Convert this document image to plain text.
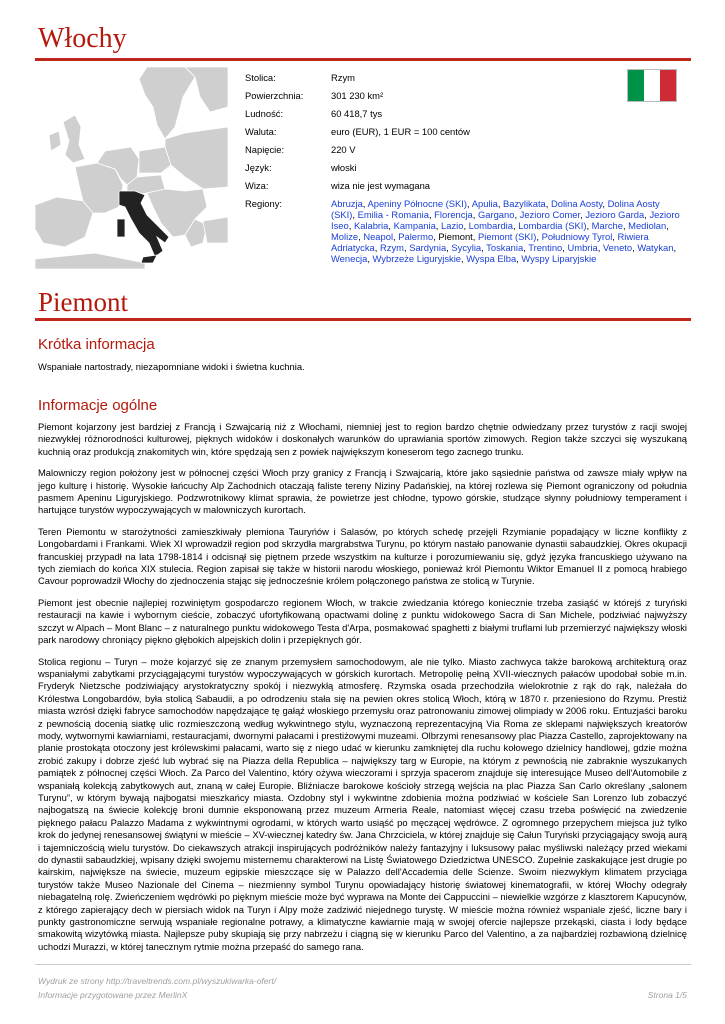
Włochy
Stolica:	Rzym
Powierzchnia:	301 230 km²
Ludność:	60 418,7 tys
Waluta:	euro (EUR), 1 EUR = 100 centów
Napięcie:	220 V
Język:	włoski
Wiza:	wiza nie jest wymagana
Regiony:	Abruzja, Apeniny Północne (SKI), Apulia, Bazylikata, Dolina Aosty, Dolina Aosty (SKI), Emilia - Romania, Florencja, Gargano, Jezioro Comer, Jezioro Garda, Jezioro Iseo, Kalabria, Kampania, Lazio, Lombardia, Lombardia (SKI), Marche, Mediolan, Molize, Neapol, Palermo, Piemont, Piemont (SKI), Południowy Tyrol, Riwiera Adriatycka, Rzym, Sardynia, Sycylia, Toskania, Trentino, Umbria, Veneto, Watykan, Wenecja, Wybrzeże Liguryjskie, Wyspa Elba, Wyspy Liparyjskie
Piemont
Krótka informacja

Wspaniałe nartostrady, niezapomniane widoki i świetna kuchnia.

Informacje ogólne

Piemont kojarzony jest bardziej z Francją i Szwajcarią niż z Włochami, niemniej jest to region bardzo chętnie odwiedzany przez turystów z racji swojej niezwykłej różnorodności kulturowej, pięknych widoków i doskonałych warunków do uprawiania sportów zimowych. Region także szczyci się wyszukaną kuchnią oraz produkcją znakomitych win, które spędzają sen z powiek największym koneserom tego zacnego trunku.

Malowniczy region położony jest w północnej części Włoch przy granicy z Francją i Szwajcarią, które jako sąsiednie państwa od zawsze miały wpływ na jego kulturę i historię. Wysokie łańcuchy Alp Zachodnich otaczają faliste tereny Niziny Padańskiej, na której rozlewa się Piemont ograniczony od południa pasmem Apeninu Liguryjskiego. Podzwrotnikowy klimat sprawia, że powietrze jest chłodne, typowo górskie, studzące słynny południowy temperament i hartujące turystów wypoczywających w malowniczych kurortach.

Teren Piemontu w starożytności zamieszkiwały plemiona Tauryńów i Salasów, po których schedę przejęli Rzymianie popadający w liczne konflikty z Longobardami i Frankami. Wiek XI wprowadził region pod skrzydła margrabstwa Turynu, po którym nastało panowanie dynastii sabaudzkiej. Okres okupacji francuskiej przypadł na lata 1798-1814 i odcisnął się piętnem przede wszystkim na kulturze i porozumiewaniu się, gdyż języka francuskiego używano na tych ziemiach do końca XIX stulecia. Region zapisał się także w historii narodu włoskiego, ponieważ król Piemontu Wiktor Emanuel II z pomocą hrabiego Cavour poprowadził Włochy do zjednoczenia stając się jednocześnie królem połączonego państwa ze stolicą w Turynie.

Piemont jest obecnie najlepiej rozwiniętym gospodarczo regionem Włoch, w trakcie zwiedzania którego koniecznie trzeba zasiąść w którejś z turyński restauracji na kawie i wybornym cieście, zobaczyć ufortyfikowaną opactwami dolinę z punktu widokowego Sacra di San Michele, podziwiać najwyższy szczyt w Alpach – Mont Blanc – z naturalnego punktu widokowego Testa d'Arpa, posmakować spaghetti z białymi truflami lub przemierzyć największy włoski park narodowy chroniący piękno głębokich alpejskich dolin i przepięknych gór.

Stolica regionu – Turyn – może kojarzyć się ze znanym przemysłem samochodowym, ale nie tylko. Miasto zachwyca także barokową architekturą oraz wspaniałymi zabytkami przyciągającymi turystów wypoczywających w górskich kurortach. Metropolię pełną XVII-wiecznych pałaców upodobał sobie m.in. Fryderyk Nietzsche podziwiający arystokratyczny spokój i niezwykłą atmosferę. Rzymska osada przechodziła wielokrotnie z rąk do rąk, należała do Królestwa Longobardów, była stolicą Sabaudii, a po odrodzeniu stała się na pewien okres stolicą Włoch, którą w 1870 r. przeniesiono do Rzymu. Prestiż miasta wzrósł dzięki fabryce samochodów napędzające tę gałąź włoskiego przemysłu oraz patronowaniu zimowej olimpiady w 2006 roku. Entuzjaści baroku z pewnością docenią siatkę ulic rozmieszczoną według wykwintnego stylu, wyznaczoną reprezentacyjną Via Roma ze sklepami największych kreatorów mody, wytwornymi kawiarniami, restauracjami, dwornymi pałacami i prestiżowymi muzeami. Olbrzymi renesansowy plac Piazza Castello, zaprojektowany na planie prostokąta otoczony jest królewskimi pałacami, warto się z niego udać w kierunku zamkniętej dla ruchu kołowego dzielnicy handlowej, gdzie można zrobić zakupy i dobrze zjeść lub wybrać się na Piazza della Republica – największy targ w Europie, na którym z pewnością nie zabraknie wyszukanych pamiątek z północnej części Włoch. Za Parco del Valentino, który ożywa wieczorami i sprzyja spacerom znajduje się interesujące Museo dell'Automobile z wspaniałą kolekcją zabytkowych aut, znaną w całej Europie. Bliźniacze barokowe kościoły strzegą wejścia na plac Piazza San Carlo określany „salonem Turynu”, w którym bywają najbogatsi mieszkańcy miasta. Ozdobny styl i wykwintne zdobienia można podziwiać w kościele San Lorenzo lub zobaczyć najbogatszą na świecie kolekcję broni dumnie eksponowaną przez muzeum Armeria Reale, natomiast więcej czasu trzeba poświęcić na zwiedzenie pięknego pałacu Palazzo Madama z wykwintnymi ogrodami, w których warto usiąść po męczącej wędrówce. Z ogromnego przepychem miejsca już tylko krok do jedynej renesansowej świątyni w mieście – XV-wiecznej katedry św. Jana Chrzciciela, w której znajduje się Całun Turyński przyciągający swoją aurą i tajemniczością wielu turystów. Do ciekawszych atrakcji inspirujących podróżników należy fantazyjny i luksusowy pałac myśliwski należący przed wiekami do dynastii sabaudzkiej, wpisany dzięki swojemu misternemu charakterowi na Listę Światowego Dziedzictwa UNESCO. Zupełnie zaskakujące jest drugie po kairskim, największe na świecie, muzeum egipskie mieszczące się w Palazzo dell'Accademia delle Scienze. Swoim niezwykłym klimatem przyciąga turystów także Museo Nazionale del Cinema – niezmienny symbol Turynu opowiadający historię światowej kinematografii, w której Włochy odegrały niebagatelną rolę. Zwieńczeniem wędrówki po pięknym mieście może być wyprawa na Monte dei Cappuccini – niewielkie wzgórze z klasztorem Kapucynów, z którego zapierający dech w piersiach widok na Turyn i Alpy może zadziwić niejednego turystę. W mieście można również wspaniale zjeść, liczne bary i punkty gastronomiczne serwują wspaniałe regionalne potrawy, a klimatyczne kawiarnie mają w swojej ofercie najlepsze przekąski, ciasta i lody będące smakowitą wizytówką miasta. Najlepsze puby skupiają się przy nabrzeżu i ciągną się w kierunku Parco del Valentino, a za najbardziej rozbawioną dzielnicę uchodzi Murazzi, w której tanecznym rytmie można przepaść do samego rana.

Wydruk ze strony http://traveltrends.com.pl/wyszukiwarka-ofert/
Informacje przygotowane przez MerlinX	Strona 1/5
